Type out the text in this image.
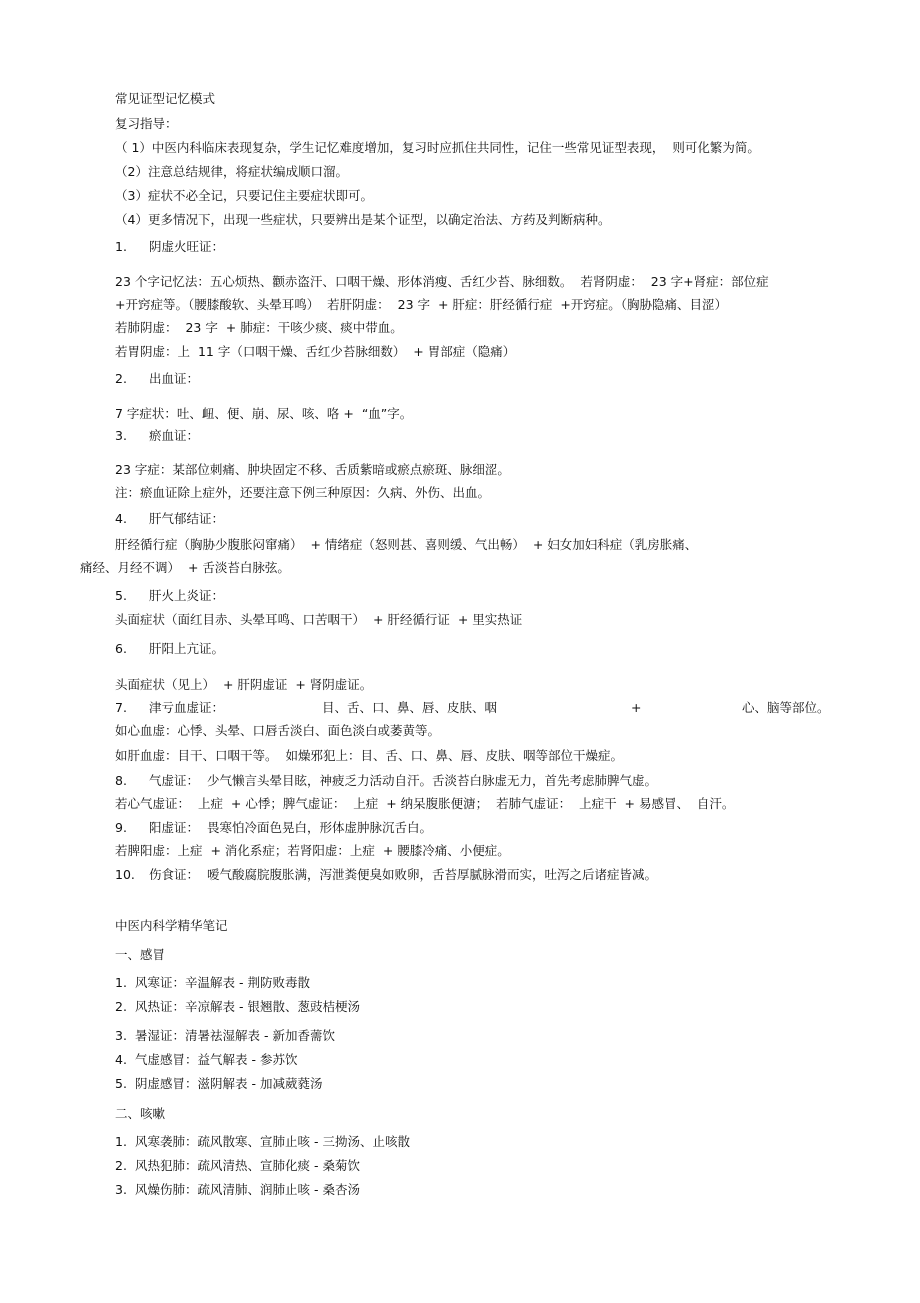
常见证型记忆模式
复习指导：
（ 1）中医内科临床表现复杂，学生记忆难度增加，复习时应抓住共同性，记住一些常见证型表现，  则可化繁为简。
（2）注意总结规律，将症状编成顺口溜。
（3）症状不必全记，只要记住主要症状即可。
（4）更多情况下，出现一些症状，只要辨出是某个证型，以确定治法、方药及判断病种。
1. 阴虚火旺证：
23 个字记忆法：五心烦热、颧赤盗汗、口咽干燥、形体消瘦、舌红少苔、脉细数。  若肾阴虚：  23 字+肾症：部位症
+开窍症等。（腰膝酸软、头晕耳鸣）  若肝阴虚：  23 字  + 肝症：肝经循行症  +开窍症。（胸胁隐痛、目涩）
若肺阴虚：  23 字  + 肺症：干咳少痰、痰中带血。
若胃阴虚：上  11 字（口咽干燥、舌红少苔脉细数）  + 胃部症（隐痛）
2. 出血证：
7 字症状：吐、衄、便、崩、尿、咳、咯 +  “血”字。
3. 瘀血证：
23 字症：某部位刺痛、肿块固定不移、舌质紫暗或瘀点瘀斑、脉细涩。
注：瘀血证除上症外，还要注意下例三种原因：久病、外伤、出血。
4. 肝气郁结证：
肝经循行症（胸胁少腹胀闷窜痛）  + 情绪症（怒则甚、喜则缓、气出畅）  + 妇女加妇科症（乳房胀痛、
痛经、月经不调）  + 舌淡苔白脉弦。
5. 肝火上炎证：
头面症状（面红目赤、头晕耳鸣、口苦咽干）  + 肝经循行证  + 里实热证
6. 肝阳上亢证。
头面症状（见上）  + 肝阴虚证  + 肾阴虚证。
7. 津亏血虚证：	目、舌、口、鼻、唇、皮肤、咽	+	心、脑等部位。
如心血虚：心悸、头晕、口唇舌淡白、面色淡白或萎黄等。
如肝血虚：目干、口咽干等。  如燥邪犯上：目、舌、口、鼻、唇、皮肤、咽等部位干燥症。
8. 气虚证：  少气懒言头晕目眩，神疲乏力活动自汗。舌淡苔白脉虚无力，首先考虑肺脾气虚。
若心气虚证：  上症  + 心悸；脾气虚证：  上症  + 纳呆腹胀便溏；  若肺气虚证：  上症干  + 易感冒、  自汗。
9. 阳虚证：  畏寒怕冷面色晃白，形体虚肿脉沉舌白。
若脾阳虚：上症  + 消化系症；若肾阳虚：上症  + 腰膝冷痛、小便症。
10. 伤食证：  嗳气酸腐脘腹胀满，泻泄粪便臭如败卵，舌苔厚腻脉滑而实，吐泻之后诸症皆减。
中医内科学精华笔记
一、感冒
1. 风寒证：辛温解表 - 荆防败毒散
2. 风热证：辛凉解表 - 银翘散、葱豉桔梗汤
3. 暑湿证：清暑祛湿解表 - 新加香薷饮
4. 气虚感冒：益气解表 - 参苏饮
5. 阴虚感冒：滋阴解表 - 加减葳蕤汤
二、咳嗽
1. 风寒袭肺：疏风散寒、宣肺止咳 - 三拗汤、止咳散
2. 风热犯肺：疏风清热、宣肺化痰 - 桑菊饮
3. 风燥伤肺：疏风清肺、润肺止咳 - 桑杏汤
